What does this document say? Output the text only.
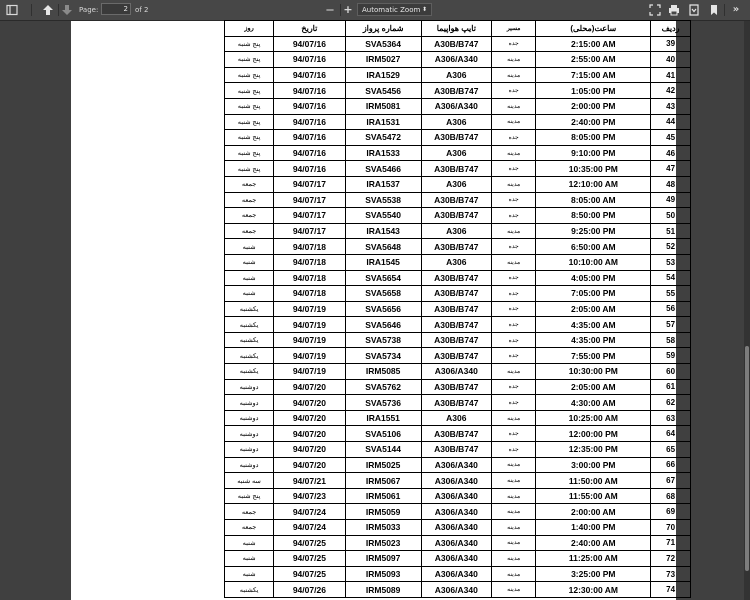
Page:
2	of 2	— +	Automatic Zoom ⬍	»
روز	تاریخ	شماره پرواز	تایپ هواپیما	مسیر	ساعت(محلی)	ردیف
پنج شنبه	94/07/16	SVA5364	A30B/B747	جده	2:15:00 AM	39
پنج شنبه	94/07/16	IRM5027	A306/A340	مدینه	2:55:00 AM	40
پنج شنبه	94/07/16	IRA1529	A306	مدینه	7:15:00 AM	41
پنج شنبه	94/07/16	SVA5456	A30B/B747	جده	1:05:00 PM	42
پنج شنبه	94/07/16	IRM5081	A306/A340	مدینه	2:00:00 PM	43
پنج شنبه	94/07/16	IRA1531	A306	مدینه	2:40:00 PM	44
پنج شنبه	94/07/16	SVA5472	A30B/B747	جده	8:05:00 PM	45
پنج شنبه	94/07/16	IRA1533	A306	مدینه	9:10:00 PM	46
پنج شنبه	94/07/16	SVA5466	A30B/B747	جده	10:35:00 PM	47
جمعه	94/07/17	IRA1537	A306	مدینه	12:10:00 AM	48
جمعه	94/07/17	SVA5538	A30B/B747	جده	8:05:00 AM	49
جمعه	94/07/17	SVA5540	A30B/B747	جده	8:50:00 PM	50
جمعه	94/07/17	IRA1543	A306	مدینه	9:25:00 PM	51
شنبه	94/07/18	SVA5648	A30B/B747	جده	6:50:00 AM	52
شنبه	94/07/18	IRA1545	A306	مدینه	10:10:00 AM	53
شنبه	94/07/18	SVA5654	A30B/B747	جده	4:05:00 PM	54
شنبه	94/07/18	SVA5658	A30B/B747	جده	7:05:00 PM	55
یکشنبه	94/07/19	SVA5656	A30B/B747	جده	2:05:00 AM	56
یکشنبه	94/07/19	SVA5646	A30B/B747	جده	4:35:00 AM	57
یکشنبه	94/07/19	SVA5738	A30B/B747	جده	4:35:00 PM	58
یکشنبه	94/07/19	SVA5734	A30B/B747	جده	7:55:00 PM	59
یکشنبه	94/07/19	IRM5085	A306/A340	مدینه	10:30:00 PM	60
دوشنبه	94/07/20	SVA5762	A30B/B747	جده	2:05:00 AM	61
دوشنبه	94/07/20	SVA5736	A30B/B747	جده	4:30:00 AM	62
دوشنبه	94/07/20	IRA1551	A306	مدینه	10:25:00 AM	63
دوشنبه	94/07/20	SVA5106	A30B/B747	جده	12:00:00 PM	64
دوشنبه	94/07/20	SVA5144	A30B/B747	جده	12:35:00 PM	65
دوشنبه	94/07/20	IRM5025	A306/A340	مدینه	3:00:00 PM	66
سه شنبه	94/07/21	IRM5067	A306/A340	مدینه	11:50:00 AM	67
پنج شنبه	94/07/23	IRM5061	A306/A340	مدینه	11:55:00 AM	68
جمعه	94/07/24	IRM5059	A306/A340	مدینه	2:00:00 AM	69
جمعه	94/07/24	IRM5033	A306/A340	مدینه	1:40:00 PM	70
شنبه	94/07/25	IRM5023	A306/A340	مدینه	2:40:00 AM	71
شنبه	94/07/25	IRM5097	A306/A340	مدینه	11:25:00 AM	72
شنبه	94/07/25	IRM5093	A306/A340	مدینه	3:25:00 PM	73
یکشنبه	94/07/26	IRM5089	A306/A340	مدینه	12:30:00 AM	74
